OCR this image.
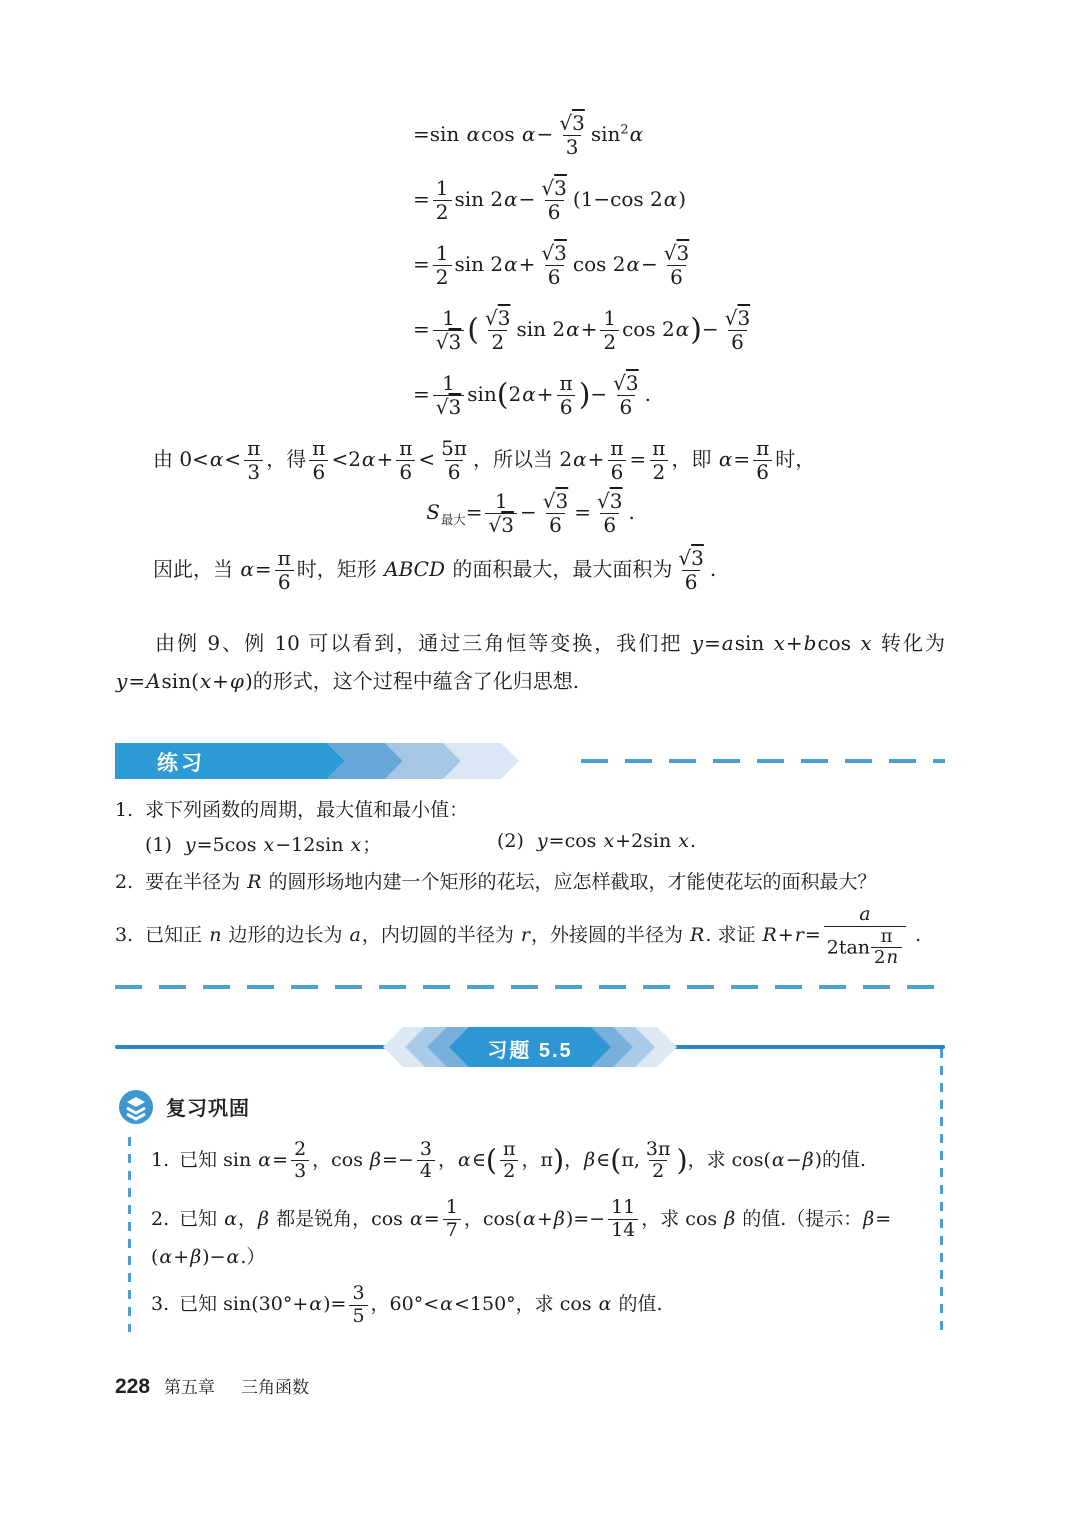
=sin αcos $\alpha- \frac{√3}{3} \sin^2\alpha$
= $\frac{1}{2}$ $\sin 2\alpha- \frac{√3}{6} (1-\cos$ 2α)
= $\frac{1}{2}$ $\sin 2\alpha+ \frac{√3}{6}$ $\cos 2\alpha- \frac{√3}{6}$
= $\frac{1}{√3}$ ( $\frac{√3}{2}$ $\sin 2\alpha+ \frac{1}{2}$ $\cos 2\alpha)- \frac{√3}{6}$
= $\frac{1}{√3} \sin(2\alpha+ \frac{\pi}{6}$ )− $\frac{√3}{6}$ .
由 $0<\alpha< \frac{\pi}{3}$ ，得 $\frac{\pi}{6} <2\alpha+ \frac{\pi}{6} < \frac{5\pi}{6}$ ，所以当 $2\alpha+ \frac{\pi}{6} = \frac{\pi}{2}$ ，即 $\alpha= \frac{\pi}{6}$ 时，
$S_{最大}= \frac{1}{√3} - \frac{√3}{6} = \frac{√3}{6}$ .
因此，当 $\alpha= \frac{\pi}{6}$ 时，矩形 ABCD 的面积最大，最大面积为 $\frac{√3}{6}$ .
由例 9、例 10 可以看到，通过三角恒等变换，我们把 y=asin x+bcos x 转化为 y=Asin(x+φ)的形式，这个过程中蕴含了化归思想.
练习
1. 求下列函数的周期，最大值和最小值：
(1) y=5cos x−12sin x；	(2) y=cos x+2sin x.
2. 要在半径为 R 的圆形场地内建一个矩形的花坛，应怎样截取，才能使花坛的面积最大？
3. 已知正 n 边形的边长为 a，内切圆的半径为 r，外接圆的半径为 R. 求证 $R+r= \frac{a}{2\tan \frac{\pi}{2n}}$ .
习题 5.5
复习巩固
1. 已知 $\sin \alpha= \frac{2}{3}$ ，$\cos \beta=- \frac{3}{4}$ ，α∈( $\frac{\pi}{2}$ ，π)，β∈(π, $\frac{3\pi}{2}$ )，求 cos(α−β)的值.
2. 已知 α，β 都是锐角，$\cos \alpha= \frac{1}{7}$ ，$\cos(\alpha+\beta)=- \frac{11}{14}$ ，求 cos β 的值.（提示：β=(α+β)−α.）
3. 已知 $\sin(30^\circ+\alpha)= \frac{3}{5}$ ，60°<α<150°，求 cos α 的值.
228 第五章 三角函数
